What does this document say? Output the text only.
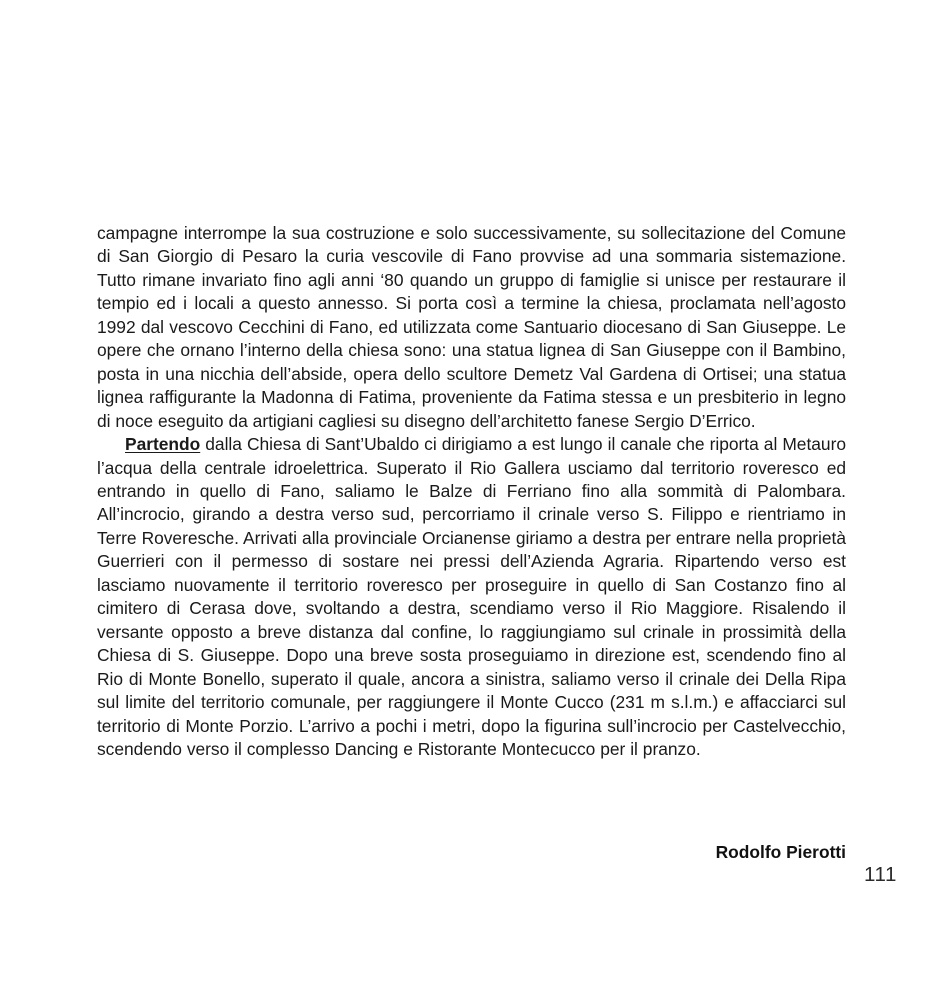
campagne interrompe la sua costruzione e solo successivamente, su sollecitazione del Comune di San Giorgio di Pesaro la curia vescovile di Fano provvise ad una sommaria sistemazione. Tutto rimane invariato fino agli anni ‘80 quando un gruppo di famiglie si unisce per restaurare il tempio ed i locali a questo annesso. Si porta così a termine la chiesa, proclamata nell’agosto 1992 dal vescovo Cecchini di Fano, ed utilizzata come Santuario diocesano di San Giuseppe. Le opere che ornano l’interno della chiesa sono: una statua lignea di San Giuseppe con il Bambino, posta in una nicchia dell’abside, opera dello scultore Demetz Val Gardena di Ortisei; una statua lignea raffigurante la Madonna di Fatima, proveniente da Fatima stessa e un presbiterio in legno di noce eseguito da artigiani cagliesi su disegno dell’architetto fanese Sergio D’Errico.

Partendo dalla Chiesa di Sant’Ubaldo ci dirigiamo a est lungo il canale che riporta al Metauro l’acqua della centrale idroelettrica. Superato il Rio Gallera usciamo dal territorio roveresco ed entrando in quello di Fano, saliamo le Balze di Ferriano fino alla sommità di Palombara. All’incrocio, girando a destra verso sud, percorriamo il crinale verso S. Filippo e rientriamo in Terre Roveresche. Arrivati alla provinciale Orcianense giriamo a destra per entrare nella proprietà Guerrieri con il permesso di sostare nei pressi dell’Azienda Agraria. Ripartendo verso est lasciamo nuovamente il territorio roveresco per proseguire in quello di San Costanzo fino al cimitero di Cerasa dove, svoltando a destra, scendiamo verso il Rio Maggiore. Risalendo il versante opposto a breve distanza dal confine, lo raggiungiamo sul crinale in prossimità della Chiesa di S. Giuseppe. Dopo una breve sosta proseguiamo in direzione est, scendendo fino al Rio di Monte Bonello, superato il quale, ancora a sinistra, saliamo verso il crinale dei Della Ripa sul limite del territorio comunale, per raggiungere il Monte Cucco (231 m s.l.m.) e affacciarci sul territorio di Monte Porzio. L’arrivo a pochi i metri, dopo la figurina sull’incrocio per Castelvecchio, scendendo verso il complesso Dancing e Ristorante Montecucco per il pranzo.

Rodolfo Pierotti
111
